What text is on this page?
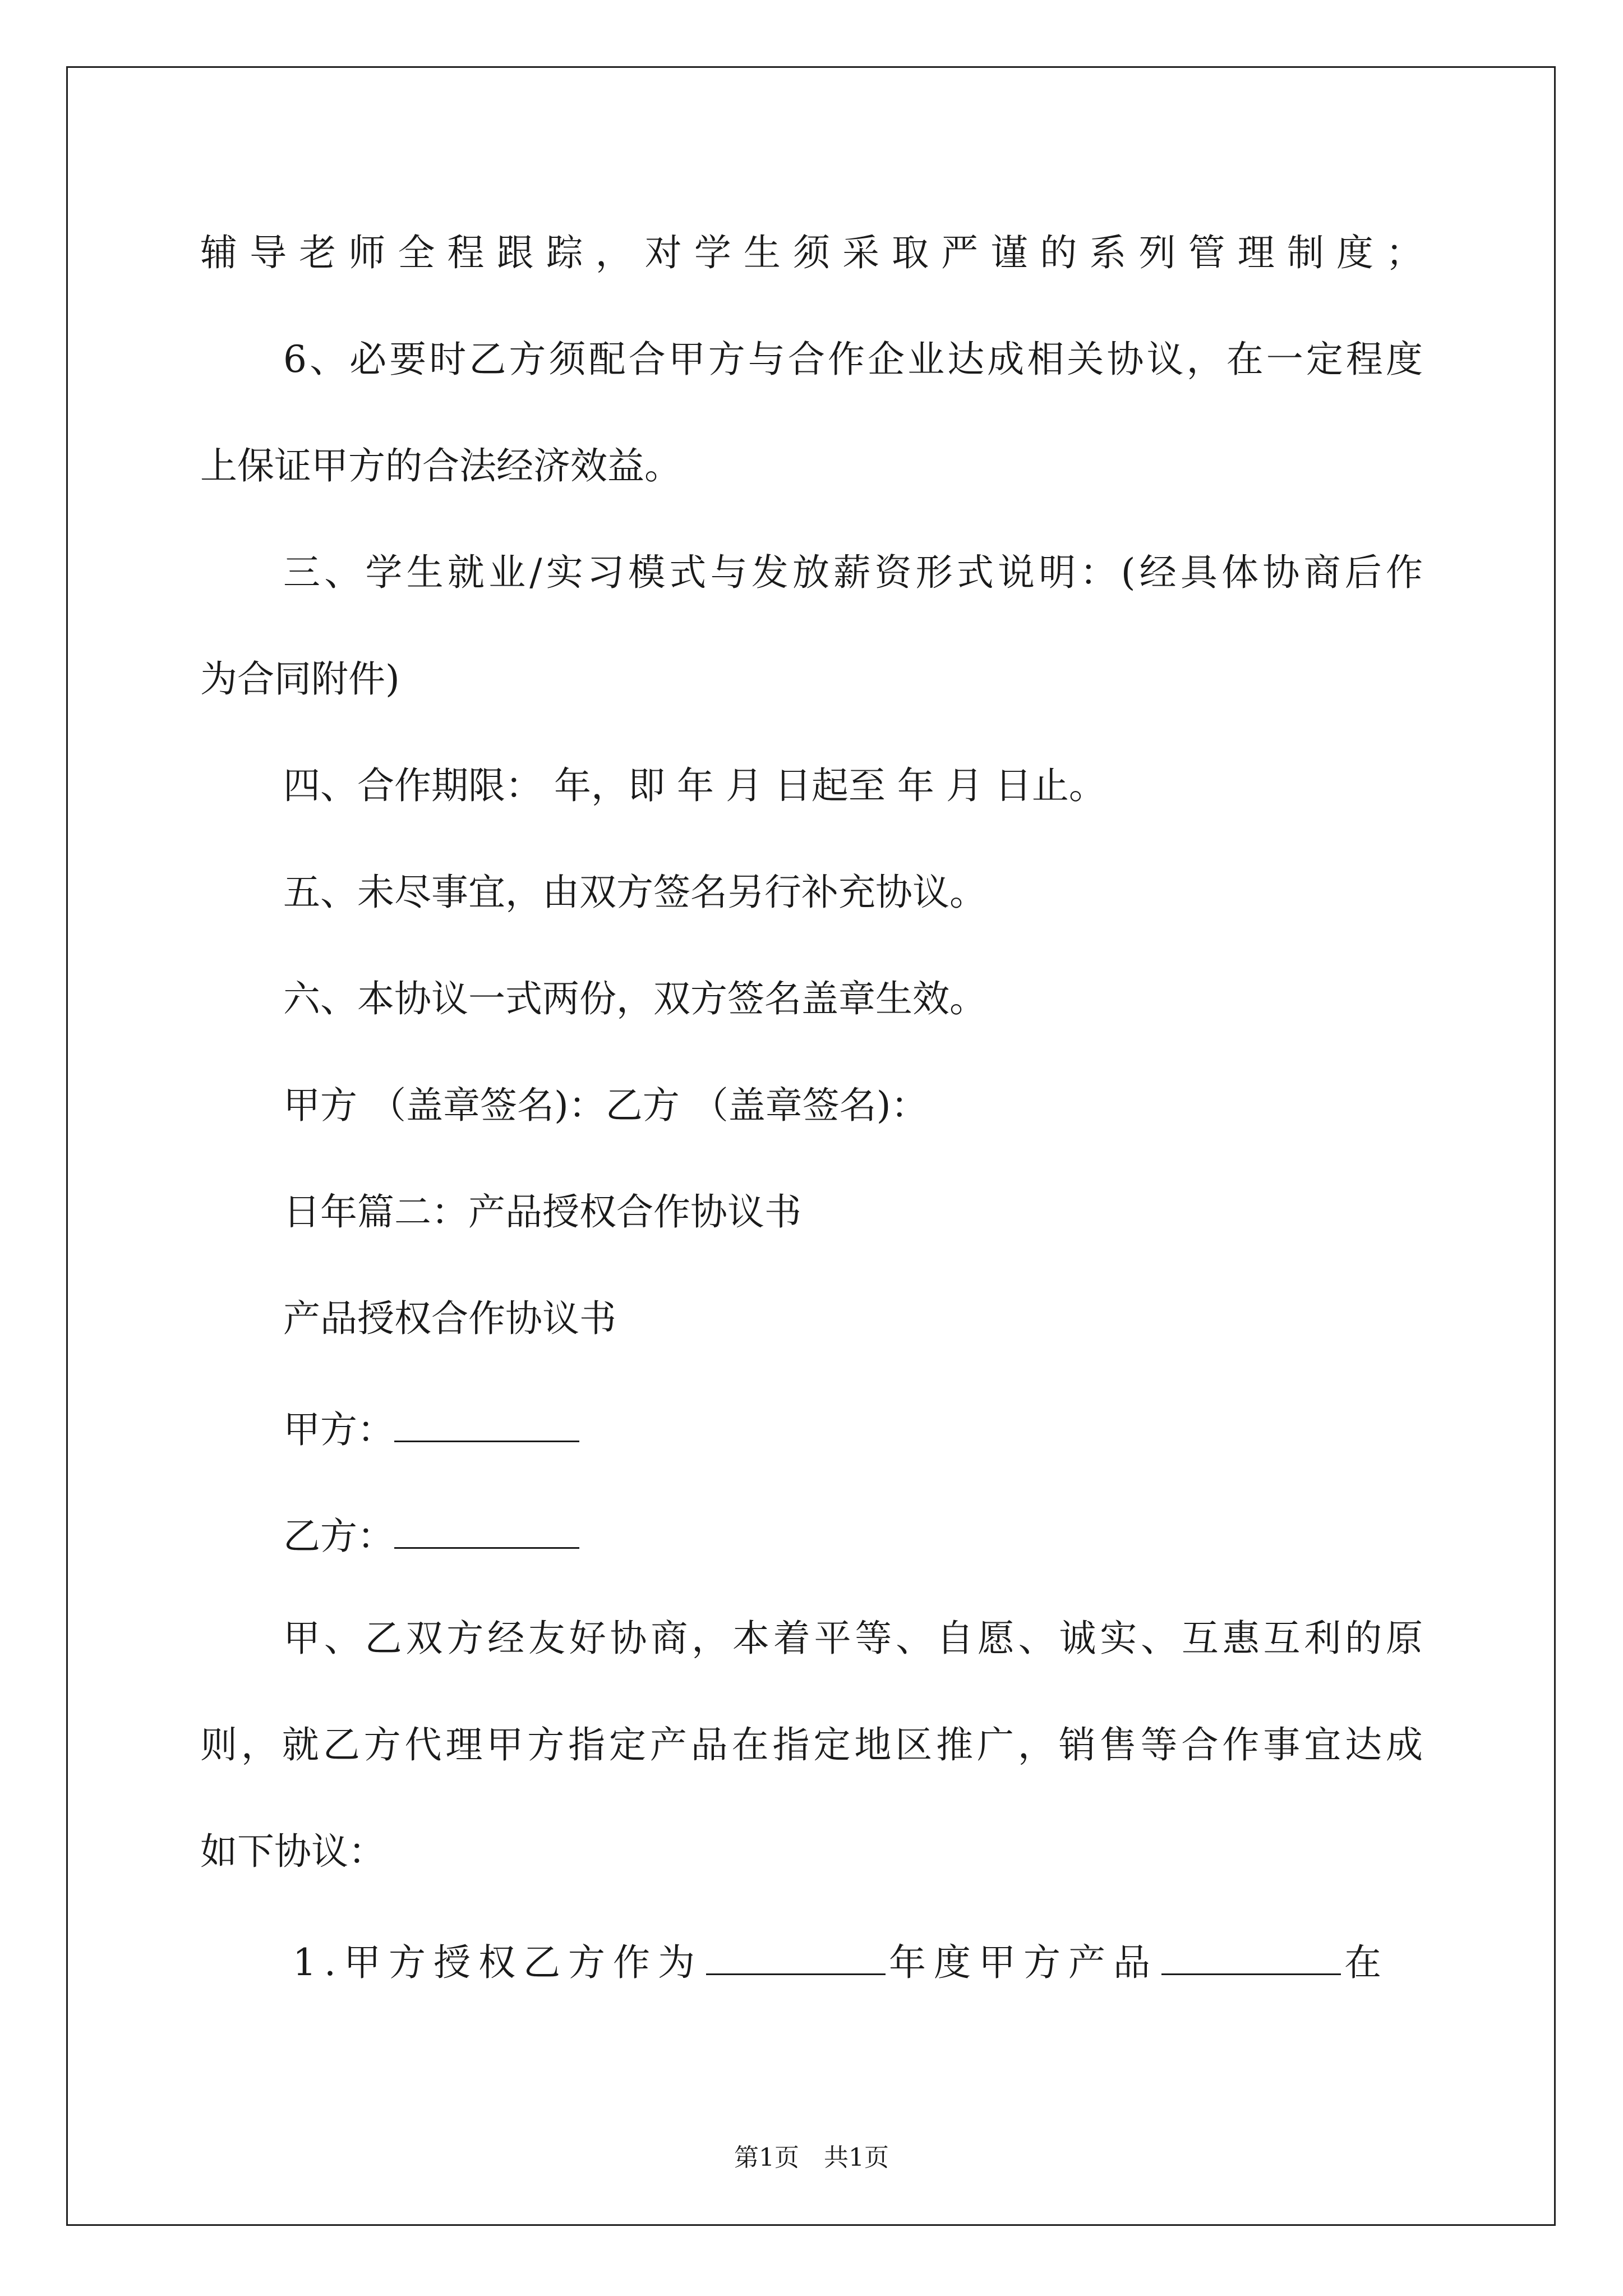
辅导老师全程跟踪，对学生须采取严谨的系列管理制度；
6、必要时乙方须配合甲方与合作企业达成相关协议，在一定程度
上保证甲方的合法经济效益。
三、学生就业/实习模式与发放薪资形式说明：(经具体协商后作
为合同附件)
四、合作期限： 年，即 年 月 日起至 年 月 日止。
五、未尽事宜，由双方签名另行补充协议。
六、本协议一式两份，双方签名盖章生效。
甲方 （盖章签名)：乙方 （盖章签名)：
日年篇二：产品授权合作协议书
产品授权合作协议书
甲方：
乙方：
甲、乙双方经友好协商，本着平等、自愿、诚实、互惠互利的原
则，就乙方代理甲方指定产品在指定地区推广，销售等合作事宜达成
如下协议：
1.甲方授权乙方作为	年度甲方产品	在
第1页　共1页
